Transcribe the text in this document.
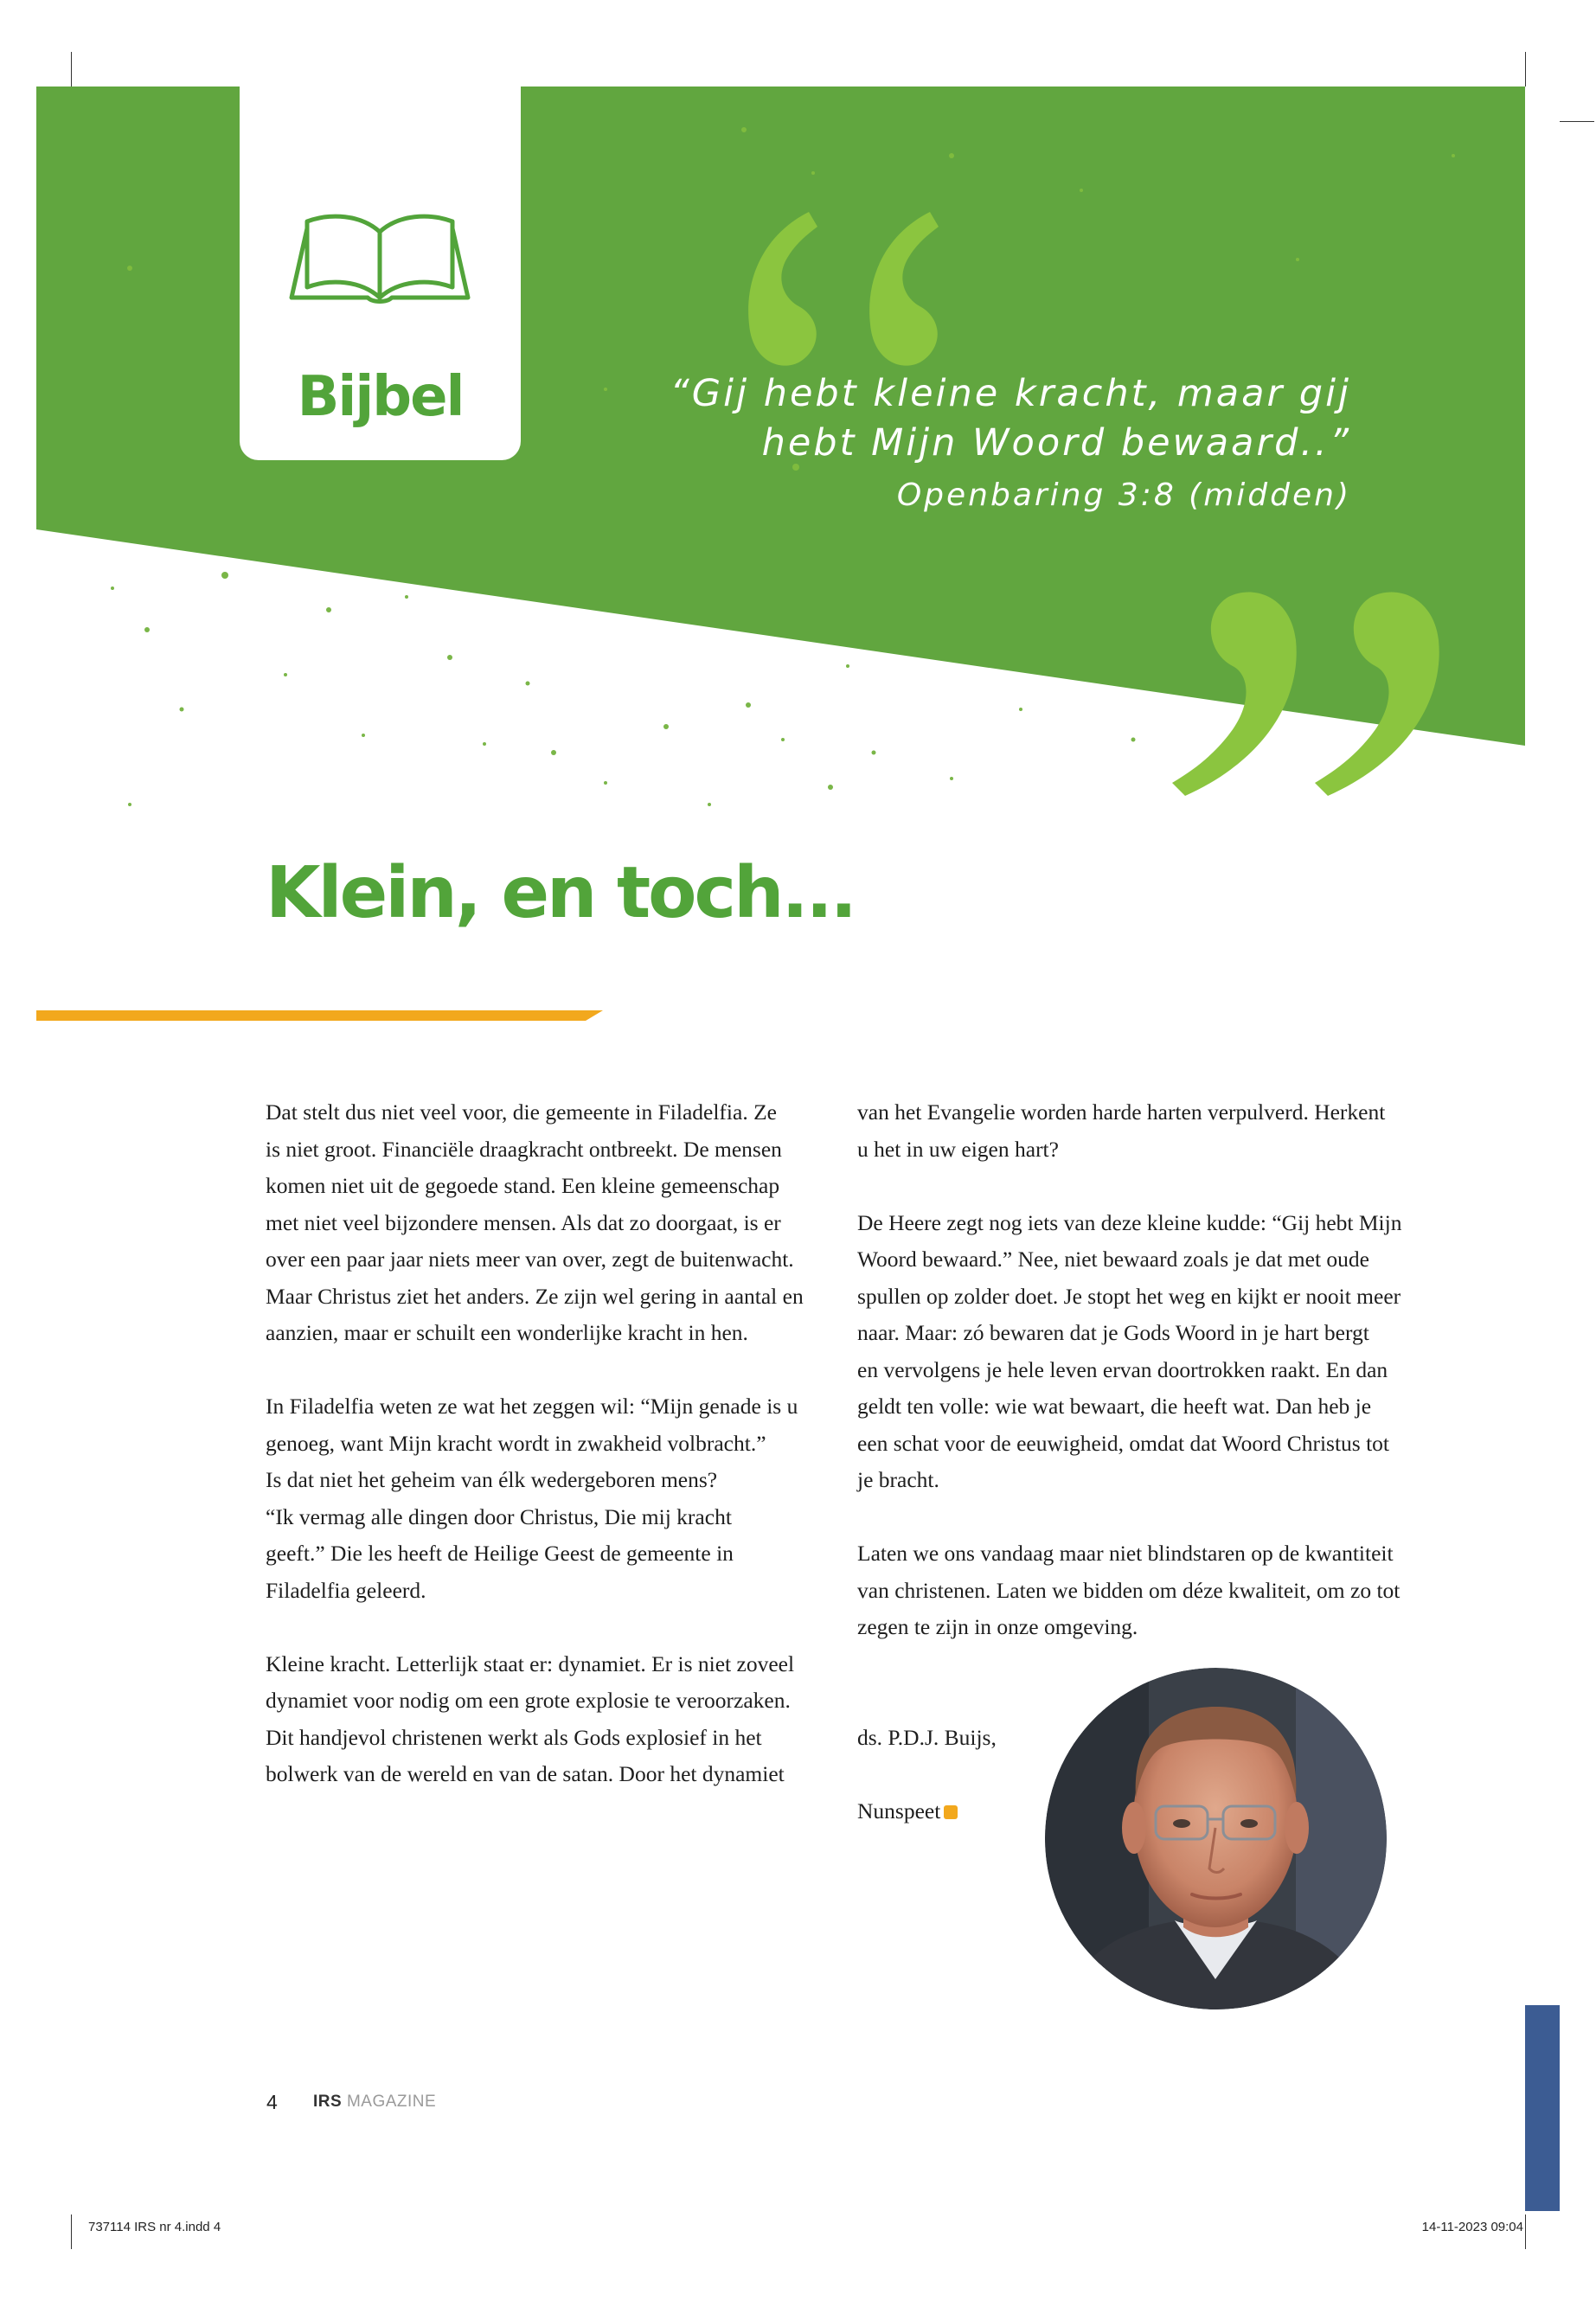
Bijbel	“Gij hebt kleine kracht, maar gij
hebt Mijn Woord bewaard..”
Openbaring 3:8 (midden)
Klein, en toch...

Dat stelt dus niet veel voor, die gemeente in Filadelfia. Ze
is niet groot. Financiële draagkracht ontbreekt. De mensen
komen niet uit de gegoede stand. Een kleine gemeenschap
met niet veel bijzondere mensen. Als dat zo doorgaat, is er
over een paar jaar niets meer van over, zegt de buitenwacht.
Maar Christus ziet het anders. Ze zijn wel gering in aantal en
aanzien, maar er schuilt een wonderlijke kracht in hen.

In Filadelfia weten ze wat het zeggen wil: “Mijn genade is u
genoeg, want Mijn kracht wordt in zwakheid volbracht.”
Is dat niet het geheim van élk wedergeboren mens?
“Ik vermag alle dingen door Christus, Die mij kracht
geeft.” Die les heeft de Heilige Geest de gemeente in
Filadelfia geleerd.

Kleine kracht. Letterlijk staat er: dynamiet. Er is niet zoveel
dynamiet voor nodig om een grote explosie te veroorzaken.
Dit handjevol christenen werkt als Gods explosief in het
bolwerk van de wereld en van de satan. Door het dynamiet

van het Evangelie worden harde harten verpulverd. Herkent
u het in uw eigen hart?

De Heere zegt nog iets van deze kleine kudde: “Gij hebt Mijn
Woord bewaard.” Nee, niet bewaard zoals je dat met oude
spullen op zolder doet. Je stopt het weg en kijkt er nooit meer
naar. Maar: zó bewaren dat je Gods Woord in je hart bergt
en vervolgens je hele leven ervan doortrokken raakt. En dan
geldt ten volle: wie wat bewaart, die heeft wat. Dan heb je
een schat voor de eeuwigheid, omdat dat Woord Christus tot
je bracht.

Laten we ons vandaag maar niet blindstaren op de kwantiteit
van christenen. Laten we bidden om déze kwaliteit, om zo tot
zegen te zijn in onze omgeving.

ds. P.D.J. Buijs,

Nunspeet

4 IRS MAGAZINE
737114 IRS nr 4.indd 4	14-11-2023 09:04
